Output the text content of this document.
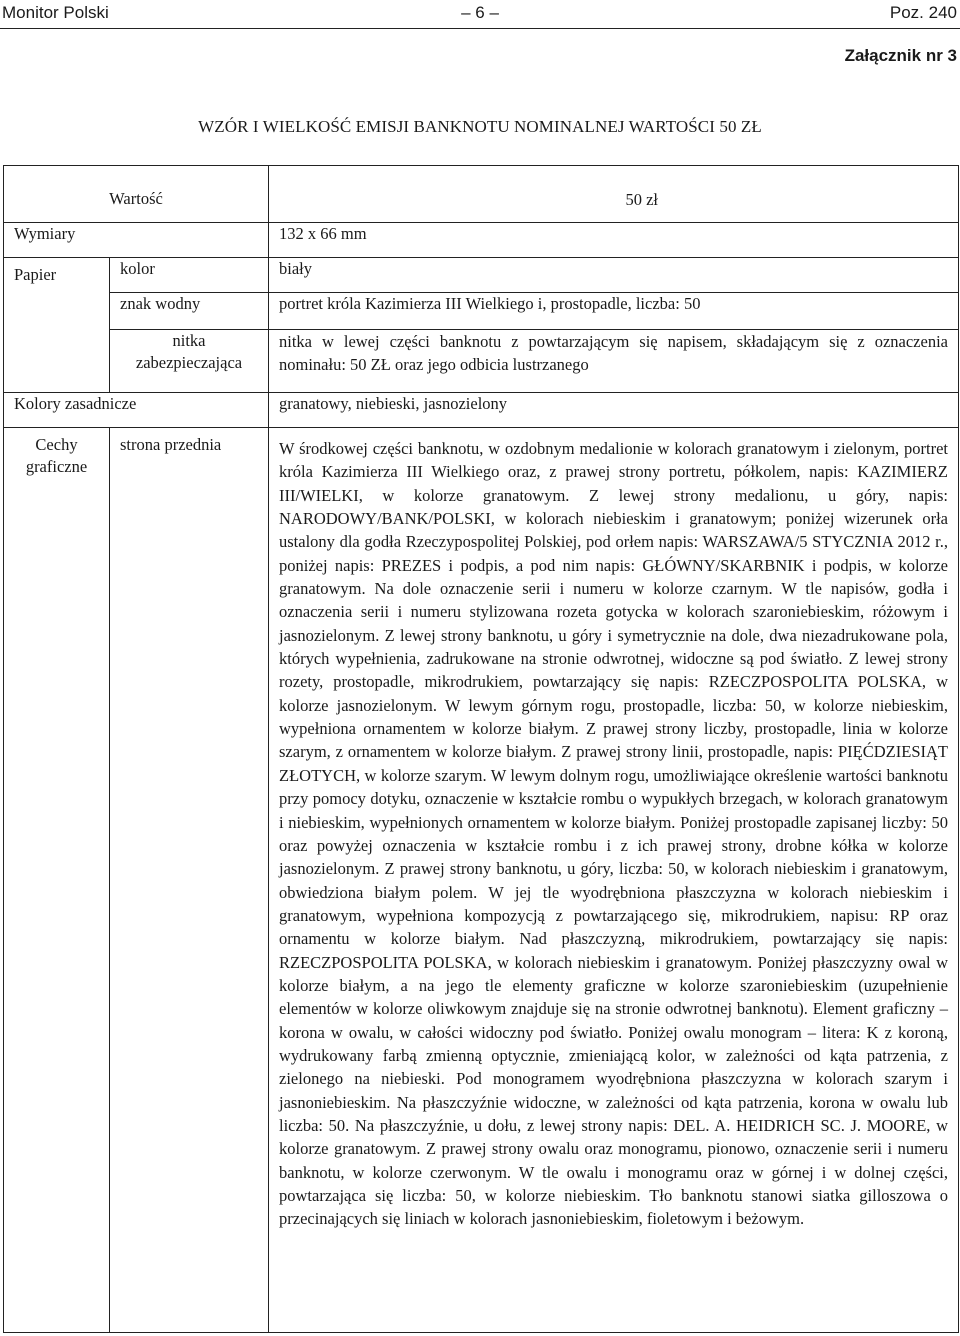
Monitor Polski	– 6 –	Poz. 240
Załącznik nr 3
WZÓR I WIELKOŚĆ EMISJI BANKNOTU NOMINALNEJ WARTOŚCI 50 ZŁ
Wartość		50 zł
Wymiary		132 x 66 mm
Papier	kolor	biały
	znak wodny	portret króla Kazimierza III Wielkiego i, prostopadle, liczba: 50
	nitka zabezpieczająca	nitka w lewej części banknotu z powtarzającym się napisem, składającym się z oznaczenia nominału: 50 ZŁ oraz jego odbicia lustrzanego
Kolory zasadnicze		granatowy, niebieski, jasnozielony
Cechy graficzne	strona przednia	W środkowej części banknotu, w ozdobnym medalionie w kolorach granatowym i zielonym, portret króla Kazimierza III Wielkiego oraz, z prawej strony portretu, półkolem, napis: KAZIMIERZ III/WIELKI, w kolorze granatowym. Z lewej strony medalionu, u góry, napis: NARODOWY/BANK/POLSKI, w kolorach niebieskim i granatowym; poniżej wizerunek orła ustalony dla godła Rzeczypospolitej Polskiej, pod orłem napis: WARSZAWA/5 STYCZNIA 2012 r., poniżej napis: PREZES i podpis, a pod nim napis: GŁÓWNY/SKARBNIK i podpis, w kolorze granatowym. Na dole oznaczenie serii i numeru w kolorze czarnym. W tle napisów, godła i oznaczenia serii i numeru stylizowana rozeta gotycka w kolorach szaroniebieskim, różowym i jasnozielonym. Z lewej strony banknotu, u góry i symetrycznie na dole, dwa niezadrukowane pola, których wypełnienia, zadrukowane na stronie odwrotnej, widoczne są pod światło. Z lewej strony rozety, prostopadle, mikrodrukiem, powtarzający się napis: RZECZPOSPOLITA POLSKA, w kolorze jasnozielonym. W lewym górnym rogu, prostopadle, liczba: 50, w kolorze niebieskim, wypełniona ornamentem w kolorze białym. Z prawej strony liczby, prostopadle, linia w kolorze szarym, z ornamentem w kolorze białym. Z prawej strony linii, prostopadle, napis: PIĘĆDZIESIĄT ZŁOTYCH, w kolorze szarym. W lewym dolnym rogu, umożliwiające określenie wartości banknotu przy pomocy dotyku, oznaczenie w kształcie rombu o wypukłych brzegach, w kolorach granatowym i niebieskim, wypełnionych ornamentem w kolorze białym. Poniżej prostopadle zapisanej liczby: 50 oraz powyżej oznaczenia w kształcie rombu i z ich prawej strony, drobne kółka w kolorze jasnozielonym. Z prawej strony banknotu, u góry, liczba: 50, w kolorach niebieskim i granatowym, obwiedziona białym polem. W jej tle wyodrębniona płaszczyzna w kolorach niebieskim i granatowym, wypełniona kompozycją z powtarzającego się, mikrodrukiem, napisu: RP oraz ornamentu w kolorze białym. Nad płaszczyzną, mikrodrukiem, powtarzający się napis: RZECZPOSPOLITA POLSKA, w kolorach niebieskim i granatowym. Poniżej płaszczyzny owal w kolorze białym, a na jego tle elementy graficzne w kolorze szaroniebieskim (uzupełnienie elementów w kolorze oliwkowym znajduje się na stronie odwrotnej banknotu). Element graficzny – korona w owalu, w całości widoczny pod światło. Poniżej owalu monogram – litera: K z koroną, wydrukowany farbą zmienną optycznie, zmieniającą kolor, w zależności od kąta patrzenia, z zielonego na niebieski. Pod monogramem wyodrębniona płaszczyzna w kolorach szarym i jasnoniebieskim. Na płaszczyźnie widoczne, w zależności od kąta patrzenia, korona w owalu lub liczba: 50. Na płaszczyźnie, u dołu, z lewej strony napis: DEL. A. HEIDRICH SC. J. MOORE, w kolorze granatowym. Z prawej strony owalu oraz monogramu, pionowo, oznaczenie serii i numeru banknotu, w kolorze czerwonym. W tle owalu i monogramu oraz w górnej i w dolnej części, powtarzająca się liczba: 50, w kolorze niebieskim. Tło banknotu stanowi siatka gilloszowa o przecinających się liniach w kolorach jasnoniebieskim, fioletowym i beżowym.
